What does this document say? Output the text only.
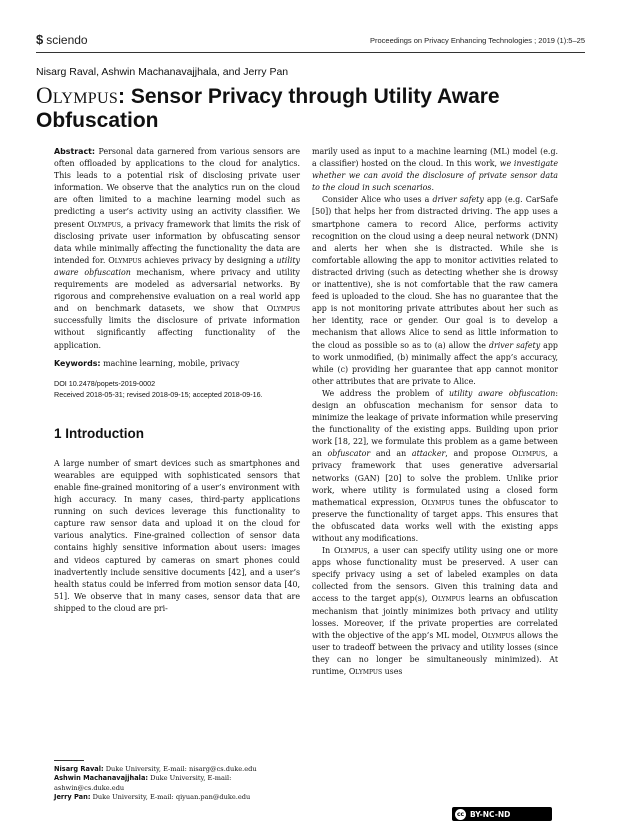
$ sciendo	Proceedings on Privacy Enhancing Technologies ; 2019 (1):5–25
Nisarg Raval, Ashwin Machanavajjhala, and Jerry Pan
Olympus: Sensor Privacy through Utility Aware Obfuscation

Abstract: Personal data garnered from various sensors are often offloaded by applications to the cloud for analytics. This leads to a potential risk of disclosing private user information. We observe that the analytics run on the cloud are often limited to a machine learning model such as predicting a user’s activity using an activity classifier. We present Olympus, a privacy framework that limits the risk of disclosing private user information by obfuscating sensor data while minimally affecting the functionality the data are intended for. Olympus achieves privacy by designing a utility aware obfuscation mechanism, where privacy and utility requirements are modeled as adversarial networks. By rigorous and comprehensive evaluation on a real world app and on benchmark datasets, we show that Olympus successfully limits the disclosure of private information without significantly affecting functionality of the application.

Keywords: machine learning, mobile, privacy

DOI 10.2478/popets-2019-0002
Received 2018-05-31; revised 2018-09-15; accepted 2018-09-16.

1 Introduction

A large number of smart devices such as smartphones and wearables are equipped with sophisticated sensors that enable fine-grained monitoring of a user’s environment with high accuracy. In many cases, third-party applications running on such devices leverage this functionality to capture raw sensor data and upload it on the cloud for various analytics. Fine-grained collection of sensor data contains highly sensitive information about users: images and videos captured by cameras on smart phones could inadvertently include sensitive documents [42], and a user’s health status could be inferred from motion sensor data [40, 51]. We observe that in many cases, sensor data that are shipped to the cloud are pri-

Nisarg Raval: Duke University, E-mail: nisarg@cs.duke.edu

Ashwin Machanavajjhala: Duke University, E-mail: ashwin@cs.duke.edu

Jerry Pan: Duke University, E-mail: qiyuan.pan@duke.edu

marily used as input to a machine learning (ML) model (e.g. a classifier) hosted on the cloud. In this work, we investigate whether we can avoid the disclosure of private sensor data to the cloud in such scenarios.

Consider Alice who uses a driver safety app (e.g. CarSafe [50]) that helps her from distracted driving. The app uses a smartphone camera to record Alice, performs activity recognition on the cloud using a deep neural network (DNN) and alerts her when she is distracted. While she is comfortable allowing the app to monitor activities related to distracted driving (such as detecting whether she is drowsy or inattentive), she is not comfortable that the raw camera feed is uploaded to the cloud. She has no guarantee that the app is not monitoring private attributes about her such as her identity, race or gender. Our goal is to develop a mechanism that allows Alice to send as little information to the cloud as possible so as to (a) allow the driver safety app to work unmodified, (b) minimally affect the app’s accuracy, while (c) providing her guarantee that app cannot monitor other attributes that are private to Alice.

We address the problem of utility aware obfuscation: design an obfuscation mechanism for sensor data to minimize the leakage of private information while preserving the functionality of the existing apps. Building upon prior work [18, 22], we formulate this problem as a game between an obfuscator and an attacker, and propose Olympus, a privacy framework that uses generative adversarial networks (GAN) [20] to solve the problem. Unlike prior work, where utility is formulated using a closed form mathematical expression, Olympus tunes the obfuscator to preserve the functionality of target apps. This ensures that the obfuscated data works well with the existing apps without any modifications.

In Olympus, a user can specify utility using one or more apps whose functionality must be preserved. A user can specify privacy using a set of labeled examples on data collected from the sensors. Given this training data and access to the target app(s), Olympus learns an obfuscation mechanism that jointly minimizes both privacy and utility losses. Moreover, if the private properties are correlated with the objective of the app’s ML model, Olympus allows the user to tradeoff between the privacy and utility losses (since they can no longer be simultaneously minimized). At runtime, Olympus uses

cc BY-NC-ND
